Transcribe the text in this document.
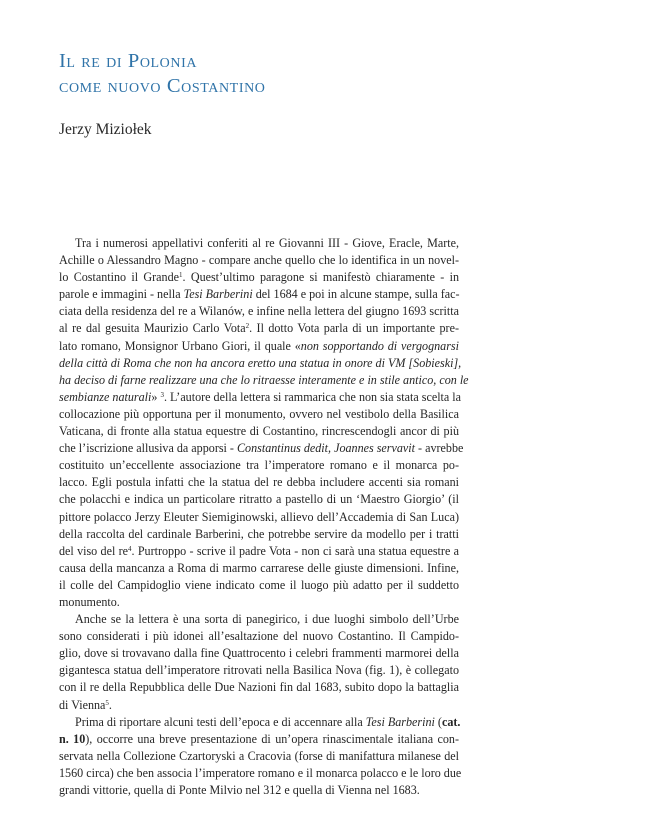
Il re di Polonia
come nuovo Costantino
Jerzy Miziołek

Tra i numerosi appellativi conferiti al re Giovanni III - Giove, Eracle, Marte,
Achille o Alessandro Magno - compare anche quello che lo identifica in un novel-
lo Costantino il Grande$^1$. Quest’ultimo paragone si manifestò chiaramente - in
parole e immagini - nella Tesi Barberini del 1684 e poi in alcune stampe, sulla fac-
ciata della residenza del re a Wilanów, e infine nella lettera del giugno 1693 scritta
al re dal gesuita Maurizio Carlo Vota$^2$. Il dotto Vota parla di un importante pre-
lato romano, Monsignor Urbano Giori, il quale «non sopportando di vergognarsi
della città di Roma che non ha ancora eretto una statua in onore di VM [Sobieski],
ha deciso di farne realizzare una che lo ritraesse interamente e in stile antico, con le
sembianze naturali» $^3$. L’autore della lettera si rammarica che non sia stata scelta la
collocazione più opportuna per il monumento, ovvero nel vestibolo della Basilica
Vaticana, di fronte alla statua equestre di Costantino, rincrescendogli ancor di più
che l’iscrizione allusiva da apporsi - Constantinus dedit, Joannes servavit - avrebbe
costituito un’eccellente associazione tra l’imperatore romano e il monarca po-
lacco. Egli postula infatti che la statua del re debba includere accenti sia romani
che polacchi e indica un particolare ritratto a pastello di un ‘Maestro Giorgio’ (il
pittore polacco Jerzy Eleuter Siemiginowski, allievo dell’Accademia di San Luca)
della raccolta del cardinale Barberini, che potrebbe servire da modello per i tratti
del viso del $re^4$. Purtroppo - scrive il padre Vota - non ci sarà una statua equestre a
causa della mancanza a Roma di marmo carrarese delle giuste dimensioni. Infine,
il colle del Campidoglio viene indicato come il luogo più adatto per il suddetto
monumento.

Anche se la lettera è una sorta di panegirico, i due luoghi simbolo dell’Urbe
sono considerati i più idonei all’esaltazione del nuovo Costantino. Il Campido-
glio, dove si trovavano dalla fine Quattrocento i celebri frammenti marmorei della
gigantesca statua dell’imperatore ritrovati nella Basilica Nova (fig. 1), è collegato
con il re della Repubblica delle Due Nazioni fin dal 1683, subito dopo la battaglia
di Vienna$^5$.

Prima di riportare alcuni testi dell’epoca e di accennare alla Tesi Barberini (cat.
n. 10), occorre una breve presentazione di un’opera rinascimentale italiana con-
servata nella Collezione Czartoryski a Cracovia (forse di manifattura milanese del
1560 circa) che ben associa l’imperatore romano e il monarca polacco e le loro due
grandi vittorie, quella di Ponte Milvio nel 312 e quella di Vienna nel 1683.
